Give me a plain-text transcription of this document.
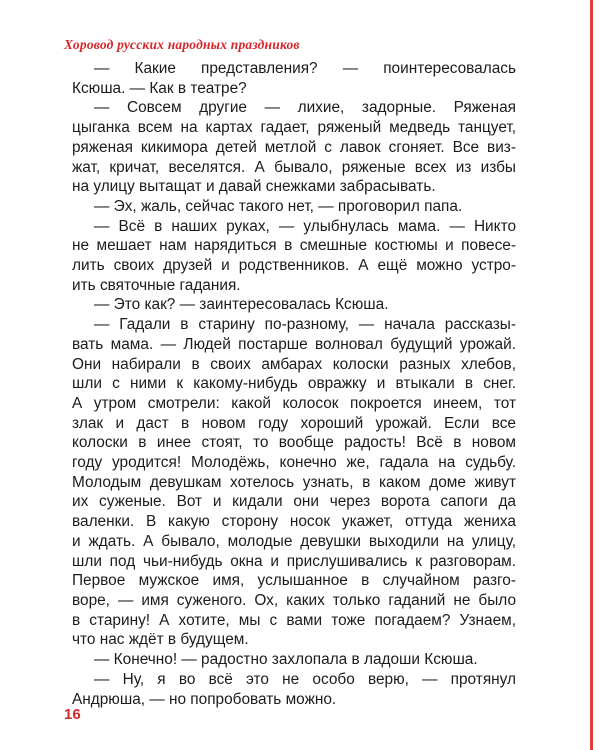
Хоровод русских народных праздников

— Какие представления? — поинтересовалась

Ксюша. — Как в театре?

— Совсем другие — лихие, задорные. Ряженая

цыганка всем на картах гадает, ряженый медведь танцует,

ряженая кикимора детей метлой с лавок сгоняет. Все виз-

жат, кричат, веселятся. А бывало, ряженые всех из избы

на улицу вытащат и давай снежками забрасывать.

— Эх, жаль, сейчас такого нет, — проговорил папа.

— Всё в наших руках, — улыбнулась мама. — Никто

не мешает нам нарядиться в смешные костюмы и повесе-

лить своих друзей и родственников. А ещё можно устро-

ить святочные гадания.

— Это как? — заинтересовалась Ксюша.

— Гадали в старину по-разному, — начала рассказы-

вать мама. — Людей постарше волновал будущий урожай.

Они набирали в своих амбарах колоски разных хлебов,

шли с ними к какому-нибудь овражку и втыкали в снег.

А утром смотрели: какой колосок покроется инеем, тот

злак и даст в новом году хороший урожай. Если все

колоски в инее стоят, то вообще радость! Всё в новом

году уродится! Молодёжь, конечно же, гадала на судьбу.

Молодым девушкам хотелось узнать, в каком доме живут

их суженые. Вот и кидали они через ворота сапоги да

валенки. В какую сторону носок укажет, оттуда жениха

и ждать. А бывало, молодые девушки выходили на улицу,

шли под чьи-нибудь окна и прислушивались к разговорам.

Первое мужское имя, услышанное в случайном разго-

воре, — имя суженого. Ох, каких только гаданий не было

в старину! А хотите, мы с вами тоже погадаем? Узнаем,

что нас ждёт в будущем.

— Конечно! — радостно захлопала в ладоши Ксюша.

— Ну, я во всё это не особо верю, — протянул

Андрюша, — но попробовать можно.

16
